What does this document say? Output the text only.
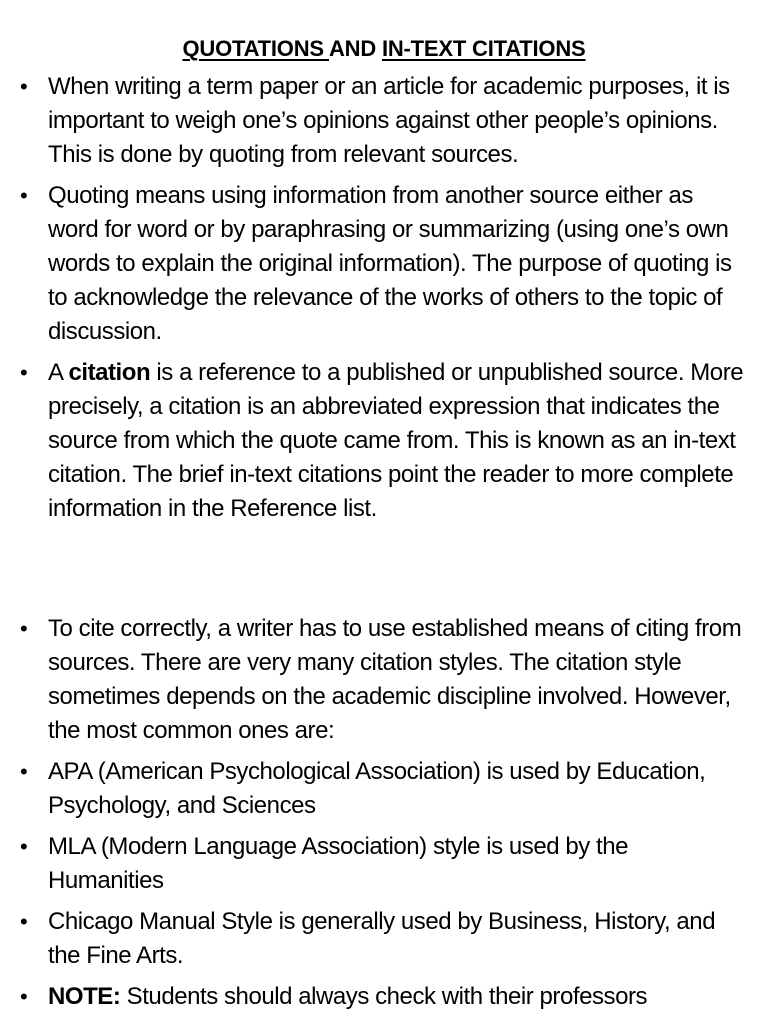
QUOTATIONS AND IN-TEXT CITATIONS
• When writing a term paper or an article for academic purposes, it is important to weigh one’s opinions against other people’s opinions. This is done by quoting from relevant sources.
• Quoting means using information from another source either as word for word or by paraphrasing or summarizing (using one’s own words to explain the original information). The purpose of quoting is to acknowledge the relevance of the works of others to the topic of discussion.
• A citation is a reference to a published or unpublished source. More precisely, a citation is an abbreviated expression that indicates the source from which the quote came from. This is known as an in-text citation. The brief in-text citations point the reader to more complete information in the Reference list.
• To cite correctly, a writer has to use established means of citing from sources. There are very many citation styles. The citation style sometimes depends on the academic discipline involved. However, the most common ones are:
• APA (American Psychological Association) is used by Education, Psychology, and Sciences
• MLA (Modern Language Association) style is used by the Humanities
• Chicago Manual Style is generally used by Business, History, and the Fine Arts.
• NOTE: Students should always check with their professors
